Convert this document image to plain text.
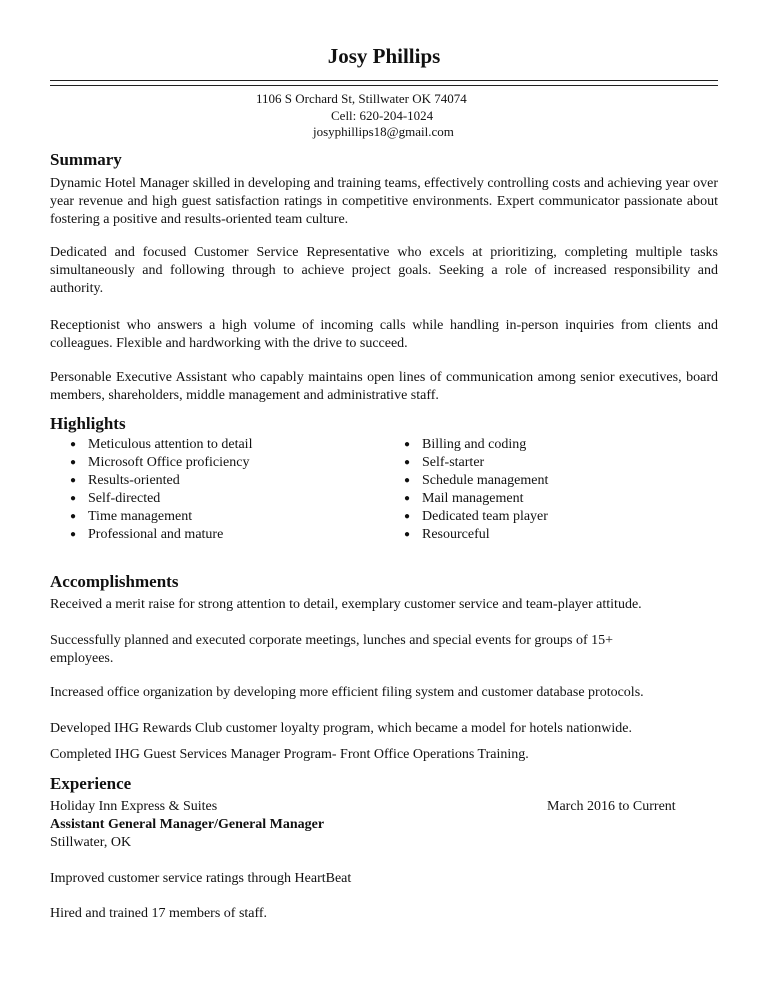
Josy Phillips
1106 S Orchard St, Stillwater OK 74074
Cell: 620-204-1024
josyphillips18@gmail.com
Summary
Dynamic Hotel Manager skilled in developing and training teams, effectively controlling costs and achieving year over year revenue and high guest satisfaction ratings in competitive environments. Expert communicator passionate about fostering a positive and results-oriented team culture.
Dedicated and focused Customer Service Representative who excels at prioritizing, completing multiple tasks simultaneously and following through to achieve project goals. Seeking a role of increased responsibility and authority.
Receptionist who answers a high volume of incoming calls while handling in-person inquiries from clients and colleagues. Flexible and hardworking with the drive to succeed.
Personable Executive Assistant who capably maintains open lines of communication among senior executives, board members, shareholders, middle management and administrative staff.
Highlights
● Meticulous attention to detail
● Microsoft Office proficiency
● Results-oriented
● Self-directed
● Time management
● Professional and mature
● Billing and coding
● Self-starter
● Schedule management
● Mail management
● Dedicated team player
● Resourceful
Accomplishments
Received a merit raise for strong attention to detail, exemplary customer service and team-player attitude.
Successfully planned and executed corporate meetings, lunches and special events for groups of 15+ employees.
Increased office organization by developing more efficient filing system and customer database protocols.
Developed IHG Rewards Club customer loyalty program, which became a model for hotels nationwide.
Completed IHG Guest Services Manager Program- Front Office Operations Training.
Experience
Holiday Inn Express & Suites	March 2016 to Current
Assistant General Manager/General Manager
Stillwater, OK
Improved customer service ratings through HeartBeat
Hired and trained 17 members of staff.
